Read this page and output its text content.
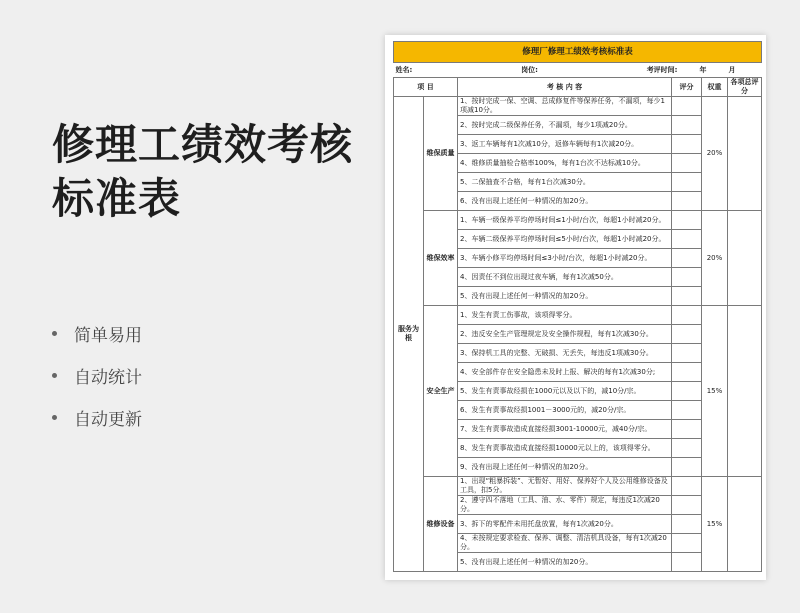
修理工绩效考核标准表
简单易用
自动统计
自动更新
修理厂修理工绩效考核标准表					

姓名: 岗位: 考评时间: 年 月					

项 目		考 核 内 容	评分	权重	各项总评分
服务为根	维保质量	1、按时完成一保、空调、总成修复件等保养任务，不漏项，每少1项减10分。		20%	
		2、按时完成二级保养任务，不漏项，每少1项减20分。			
		3、返工车辆每有1次减10分，返修车辆每有1次减20分。			
		4、维修质量抽检合格率100%，每有1台次不达标减10分。			
		5、二保抽查不合格，每有1台次减30分。			
		6、没有出现上述任何一种情况的加20分。			
	维保效率	1、车辆一级保养平均停场时间≤1小时/台次，每超1小时减20分。		20%	
		2、车辆二级保养平均停场时间≤5小时/台次，每超1小时减20分。			
		3、车辆小修平均停场时间≤3小时/台次，每超1小时减20分。			
		4、因责任不到位出现过夜车辆，每有1次减50分。			
		5、没有出现上述任何一种情况的加20分。			
	安全生产	1、发生有责工伤事故，该项得零分。		15%	
		2、违反安全生产管理规定及安全操作规程，每有1次减30分。			
		3、保持机工具的完整、无破损、无丢失，每违反1项减30分。			
		4、安全部件存在安全隐患未及时上报、解决的每有1次减30分;			
		5、发生有责事故经损在1000元以及以下的，减10分/宗。			
		6、发生有责事故经损1001－3000元的，减20分/宗。			
		7、发生有责事故造成直接经损3001-10000元，减40分/宗。			
		8、发生有责事故造成直接经损10000元以上的，该项得零分。			
		9、没有出现上述任何一种情况的加20分。			
	维修设备	1、出现“粗暴拆装”、无暂好、用好、保养好个人及公用维修设备及工具，扣5分。		15%	
		2、遵守四不落地（工具、油、水、零件）规定，每违反1次减20分。			
		3、拆下的零配件未用托盘放置，每有1次减20分。			
		4、未按规定要求检查、保养、调整、清洁机具设备，每有1次减20分。			
		5、没有出现上述任何一种情况的加20分。			
